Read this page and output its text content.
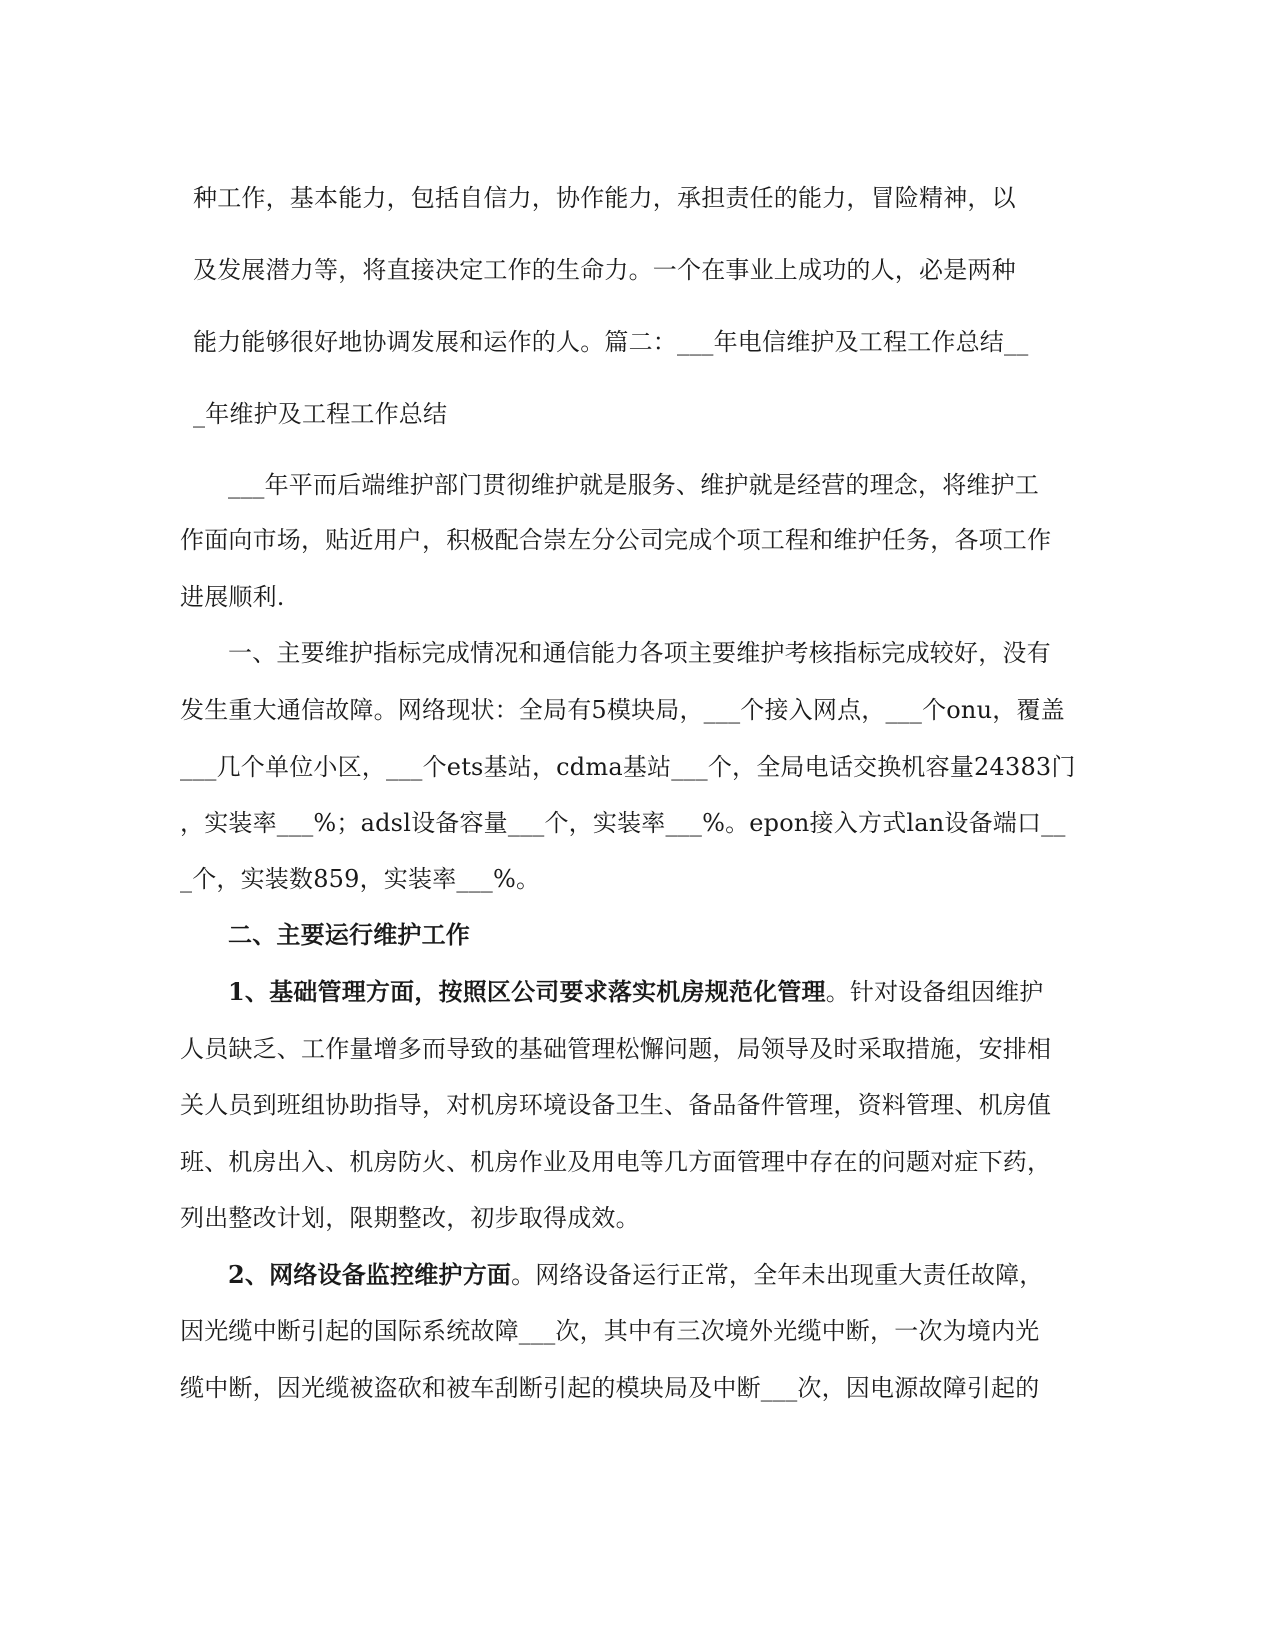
种工作，基本能力，包括自信力，协作能力，承担责任的能力，冒险精神，以
及发展潜力等，将直接决定工作的生命力。一个在事业上成功的人，必是两种
能力能够很好地协调发展和运作的人。篇二：___年电信维护及工程工作总结__
_年维护及工程工作总结
___年平而后端维护部门贯彻维护就是服务、维护就是经营的理念，将维护工
作面向市场，贴近用户，积极配合崇左分公司完成个项工程和维护任务，各项工作
进展顺利.
一、主要维护指标完成情况和通信能力各项主要维护考核指标完成较好，没有
发生重大通信故障。网络现状：全局有5模块局，___个接入网点，___个onu，覆盖
___几个单位小区，___个ets基站，cdma基站___个，全局电话交换机容量24383门
，实装率___%；adsl设备容量___个，实装率___%。epon接入方式lan设备端口__
_个，实装数859，实装率___%。
二、主要运行维护工作
1、基础管理方面，按照区公司要求落实机房规范化管理。针对设备组因维护
人员缺乏、工作量增多而导致的基础管理松懈问题，局领导及时采取措施，安排相
关人员到班组协助指导，对机房环境设备卫生、备品备件管理，资料管理、机房值
班、机房出入、机房防火、机房作业及用电等几方面管理中存在的问题对症下药，
列出整改计划，限期整改，初步取得成效。
2、网络设备监控维护方面。网络设备运行正常，全年未出现重大责任故障，
因光缆中断引起的国际系统故障___次，其中有三次境外光缆中断，一次为境内光
缆中断，因光缆被盗砍和被车刮断引起的模块局及中断___次，因电源故障引起的
